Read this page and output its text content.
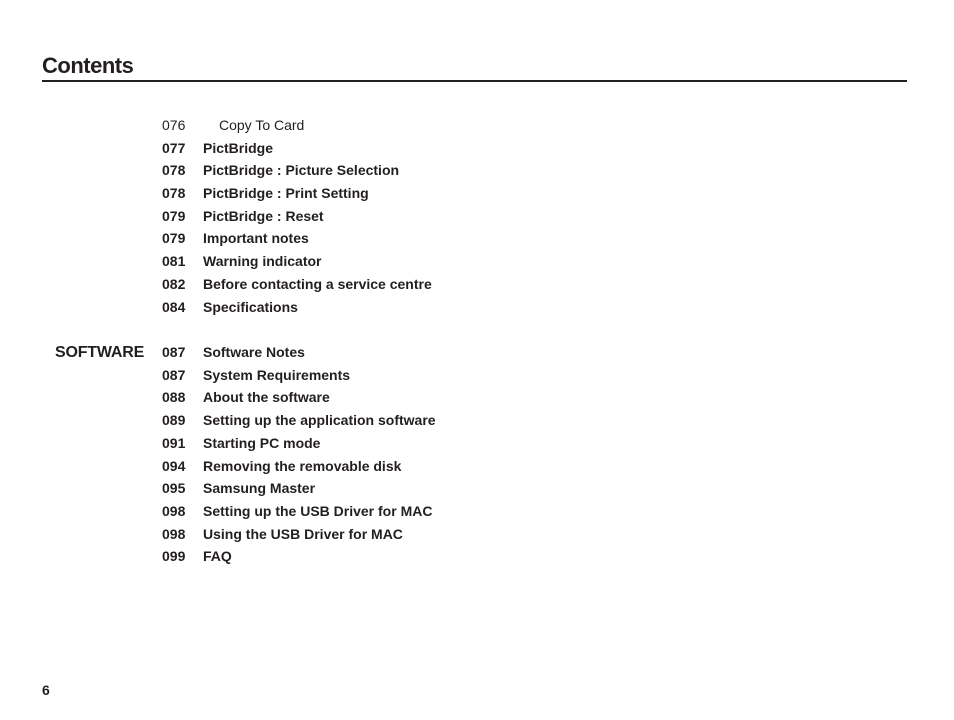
Contents
076 Copy To Card
077 PictBridge
078 PictBridge : Picture Selection
078 PictBridge : Print Setting
079 PictBridge : Reset
079 Important notes
081 Warning indicator
082 Before contacting a service centre
084 Specifications
SOFTWARE 087 Software Notes
087 System Requirements
088 About the software
089 Setting up the application software
091 Starting PC mode
094 Removing the removable disk
095 Samsung Master
098 Setting up the USB Driver for MAC
098 Using the USB Driver for MAC
099 FAQ
6
